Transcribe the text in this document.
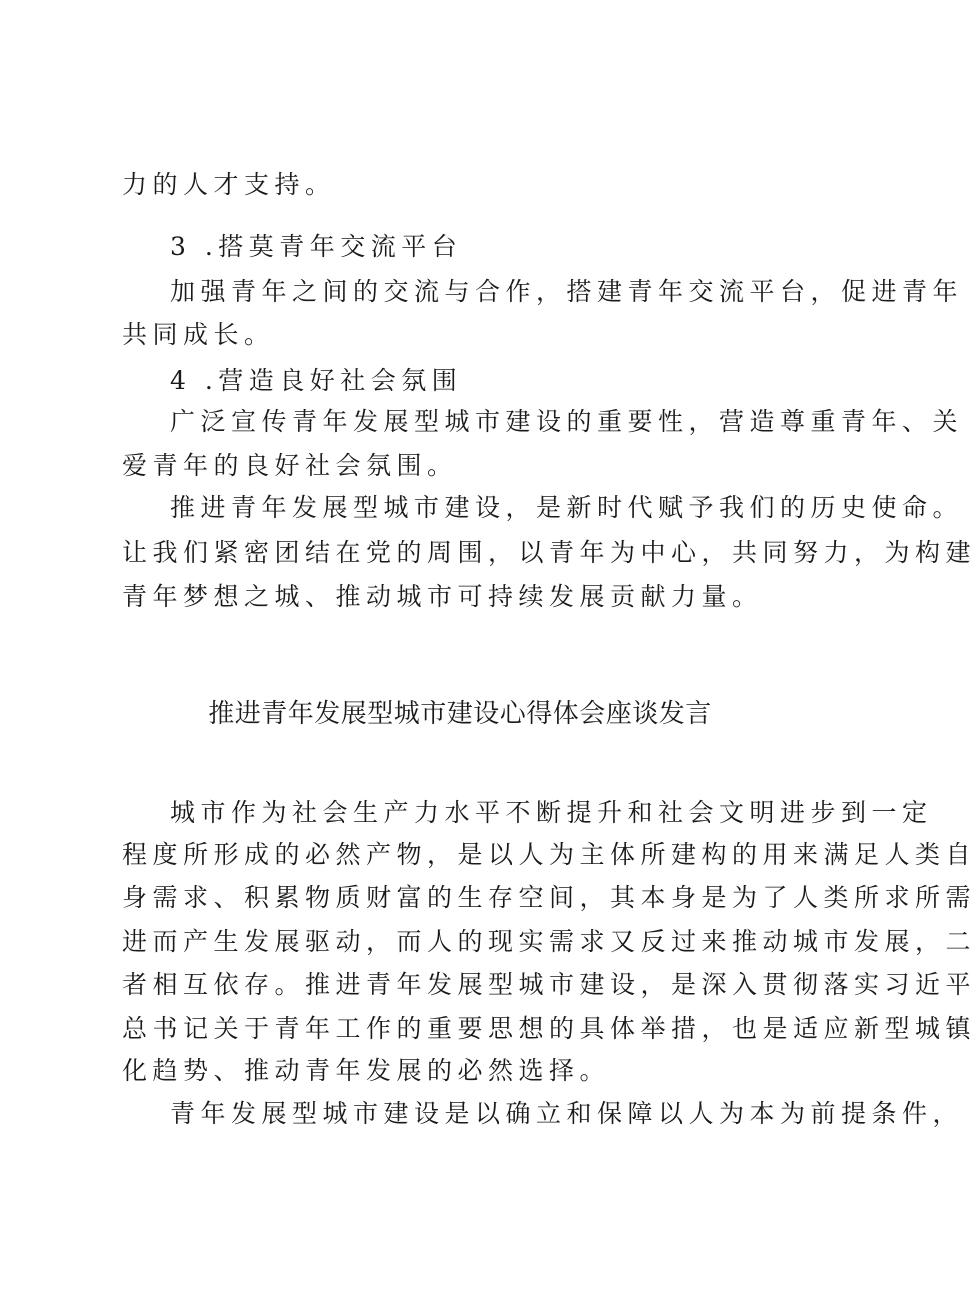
力的人才支持。
3 .搭莫青年交流平台
加强青年之间的交流与合作，搭建青年交流平台，促进青年
共同成长。
4 .营造良好社会氛围
广泛宣传青年发展型城市建设的重要性，营造尊重青年、关
爱青年的良好社会氛围。
推进青年发展型城市建设，是新时代赋予我们的历史使命。
让我们紧密团结在党的周围，以青年为中心，共同努力，为构建
青年梦想之城、推动城市可持续发展贡献力量。
推进青年发展型城市建设心得体会座谈发言
城市作为社会生产力水平不断提升和社会文明进步到一定
程度所形成的必然产物，是以人为主体所建构的用来满足人类自
身需求、积累物质财富的生存空间，其本身是为了人类所求所需
进而产生发展驱动，而人的现实需求又反过来推动城市发展，二
者相互依存。推进青年发展型城市建设，是深入贯彻落实习近平
总书记关于青年工作的重要思想的具体举措，也是适应新型城镇
化趋势、推动青年发展的必然选择。
青年发展型城市建设是以确立和保障以人为本为前提条件，
